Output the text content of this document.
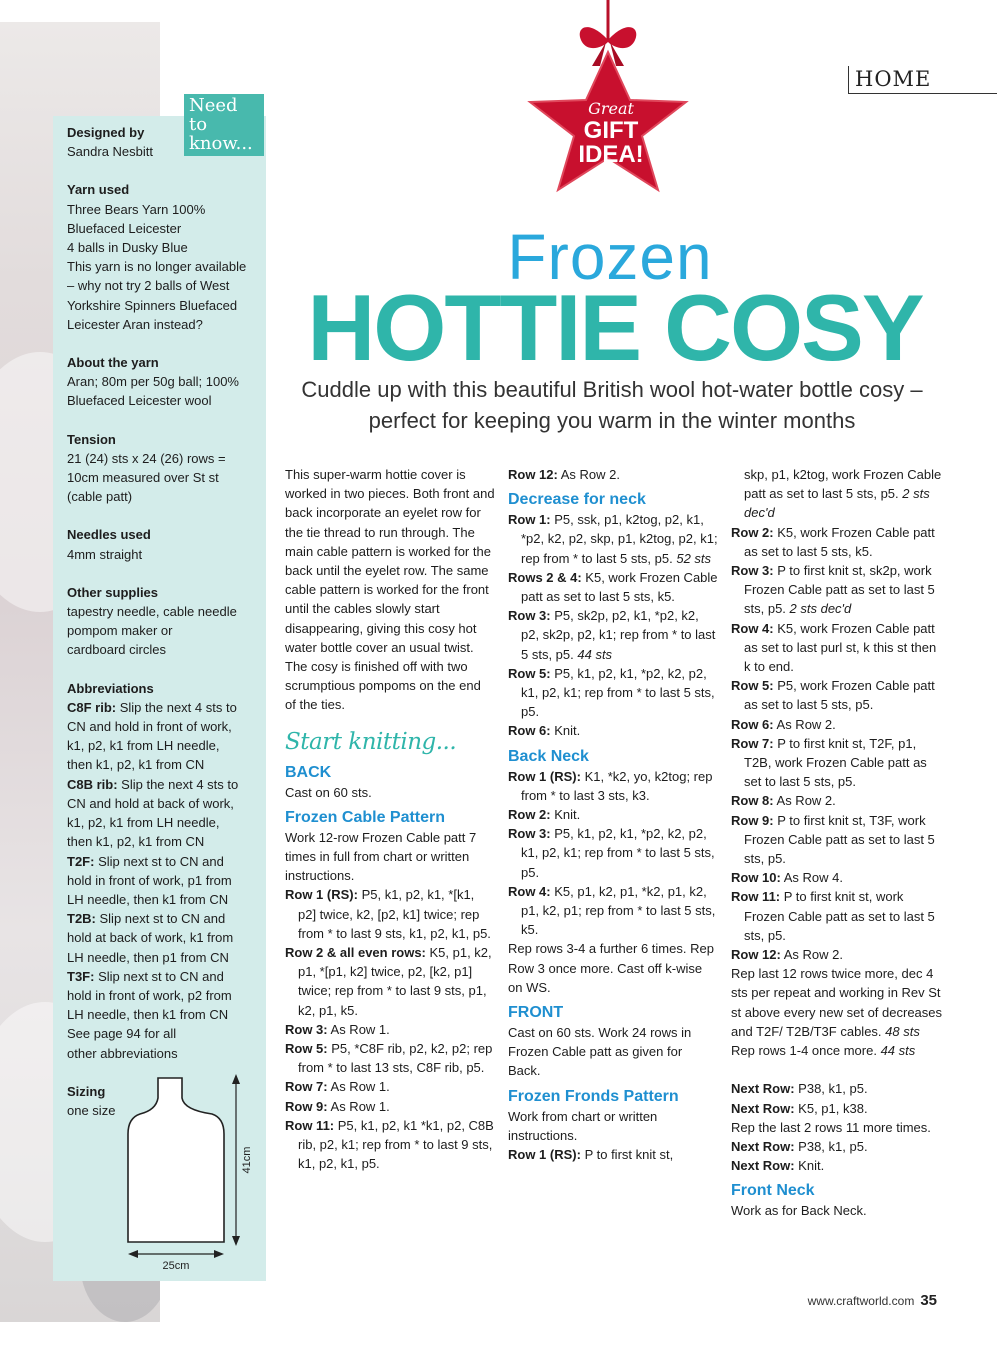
HOME
Great
GIFT
IDEA!
Frozen
HOTTIE COSY
Cuddle up with this beautiful British wool hot-water bottle cosy – perfect for keeping you warm in the winter months
Designed by
Sandra Nesbitt
Yarn used
Three Bears Yarn 100%
Bluefaced Leicester
4 balls in Dusky Blue
This yarn is no longer available
– why not try 2 balls of West
Yorkshire Spinners Bluefaced
Leicester Aran instead?
About the yarn
Aran; 80m per 50g ball; 100%
Bluefaced Leicester wool
Tension
21 (24) sts x 24 (26) rows =
10cm measured over St st
(cable patt)
Needles used
4mm straight
Other supplies
tapestry needle, cable needle
pompom maker or
cardboard circles
Abbreviations
C8F rib: Slip the next 4 sts to
CN and hold in front of work,
k1, p2, k1 from LH needle,
then k1, p2, k1 from CN
C8B rib: Slip the next 4 sts to
CN and hold at back of work,
k1, p2, k1 from LH needle,
then k1, p2, k1 from CN
T2F: Slip next st to CN and
hold in front of work, p1 from
LH needle, then k1 from CN
T2B: Slip next st to CN and
hold at back of work, k1 from
LH needle, then p1 from CN
T3F: Slip next st to CN and
hold in front of work, p2 from
LH needle, then k1 from CN
See page 94 for all
other abbreviations
Sizing
one size
Need to know...
41cm
25cm

This super-warm hottie cover is worked in two pieces. Both front and back incorporate an eyelet row for the tie thread to run through. The main cable pattern is worked for the back until the eyelet row. The same cable pattern is worked for the front until the cables slowly start disappearing, giving this cosy hot water bottle cover an usual twist. The cosy is finished off with two scrumptious pompoms on the end of the ties.

Start knitting...
BACK

Cast on 60 sts.

Frozen Cable Pattern

Work 12-row Frozen Cable patt 7 times in full from chart or written instructions.

Row 1 (RS): P5, k1, p2, k1, *[k1, p2] twice, k2, [p2, k1] twice; rep from * to last 9 sts, k1, p2, k1, p5.

Row 2 & all even rows: K5, p1, k2, p1, *[p1, k2] twice, p2, [k2, p1] twice; rep from * to last 9 sts, p1, k2, p1, k5.

Row 3: As Row 1.

Row 5: P5, *C8F rib, p2, k2, p2; rep from * to last 13 sts, C8F rib, p5.

Row 7: As Row 1.

Row 9: As Row 1.

Row 11: P5, k1, p2, k1 *k1, p2, C8B rib, p2, k1; rep from * to last 9 sts, k1, p2, k1, p5.

Row 12: As Row 2.

Decrease for neck

Row 1: P5, ssk, p1, k2tog, p2, k1, *p2, k2, p2, skp, p1, k2tog, p2, k1; rep from * to last 5 sts, p5. 52 sts

Rows 2 & 4: K5, work Frozen Cable patt as set to last 5 sts, k5.

Row 3: P5, sk2p, p2, k1, *p2, k2, p2, sk2p, p2, k1; rep from * to last 5 sts, p5. 44 sts

Row 5: P5, k1, p2, k1, *p2, k2, p2, k1, p2, k1; rep from * to last 5 sts, p5.

Row 6: Knit.

Back Neck

Row 1 (RS): K1, *k2, yo, k2tog; rep from * to last 3 sts, k3.

Row 2: Knit.

Row 3: P5, k1, p2, k1, *p2, k2, p2, k1, p2, k1; rep from * to last 5 sts, p5.

Row 4: K5, p1, k2, p1, *k2, p1, k2, p1, k2, p1; rep from * to last 5 sts, k5.

Rep rows 3-4 a further 6 times. Rep Row 3 once more. Cast off k-wise on WS.

FRONT

Cast on 60 sts. Work 24 rows in Frozen Cable patt as given for Back.

Frozen Fronds Pattern

Work from chart or written instructions.

Row 1 (RS): P to first knit st,

skp, p1, k2tog, work Frozen Cable patt as set to last 5 sts, p5. 2 sts dec'd

Row 2: K5, work Frozen Cable patt as set to last 5 sts, k5.

Row 3: P to first knit st, sk2p, work Frozen Cable patt as set to last 5 sts, p5. 2 sts dec'd

Row 4: K5, work Frozen Cable patt as set to last purl st, k this st then k to end.

Row 5: P5, work Frozen Cable patt as set to last 5 sts, p5.

Row 6: As Row 2.

Row 7: P to first knit st, T2F, p1, T2B, work Frozen Cable patt as set to last 5 sts, p5.

Row 8: As Row 2.

Row 9: P to first knit st, T3F, work Frozen Cable patt as set to last 5 sts, p5.

Row 10: As Row 4.

Row 11: P to first knit st, work Frozen Cable patt as set to last 5 sts, p5.

Row 12: As Row 2.

Rep last 12 rows twice more, dec 4 sts per repeat and working in Rev St st above every new set of decreases and T2F/ T2B/T3F cables. 48 sts

Rep rows 1-4 once more. 44 sts

Next Row: P38, k1, p5.

Next Row: K5, p1, k38.

Rep the last 2 rows 11 more times.

Next Row: P38, k1, p5.

Next Row: Knit.

Front Neck

Work as for Back Neck.

www.craftworld.com 35
